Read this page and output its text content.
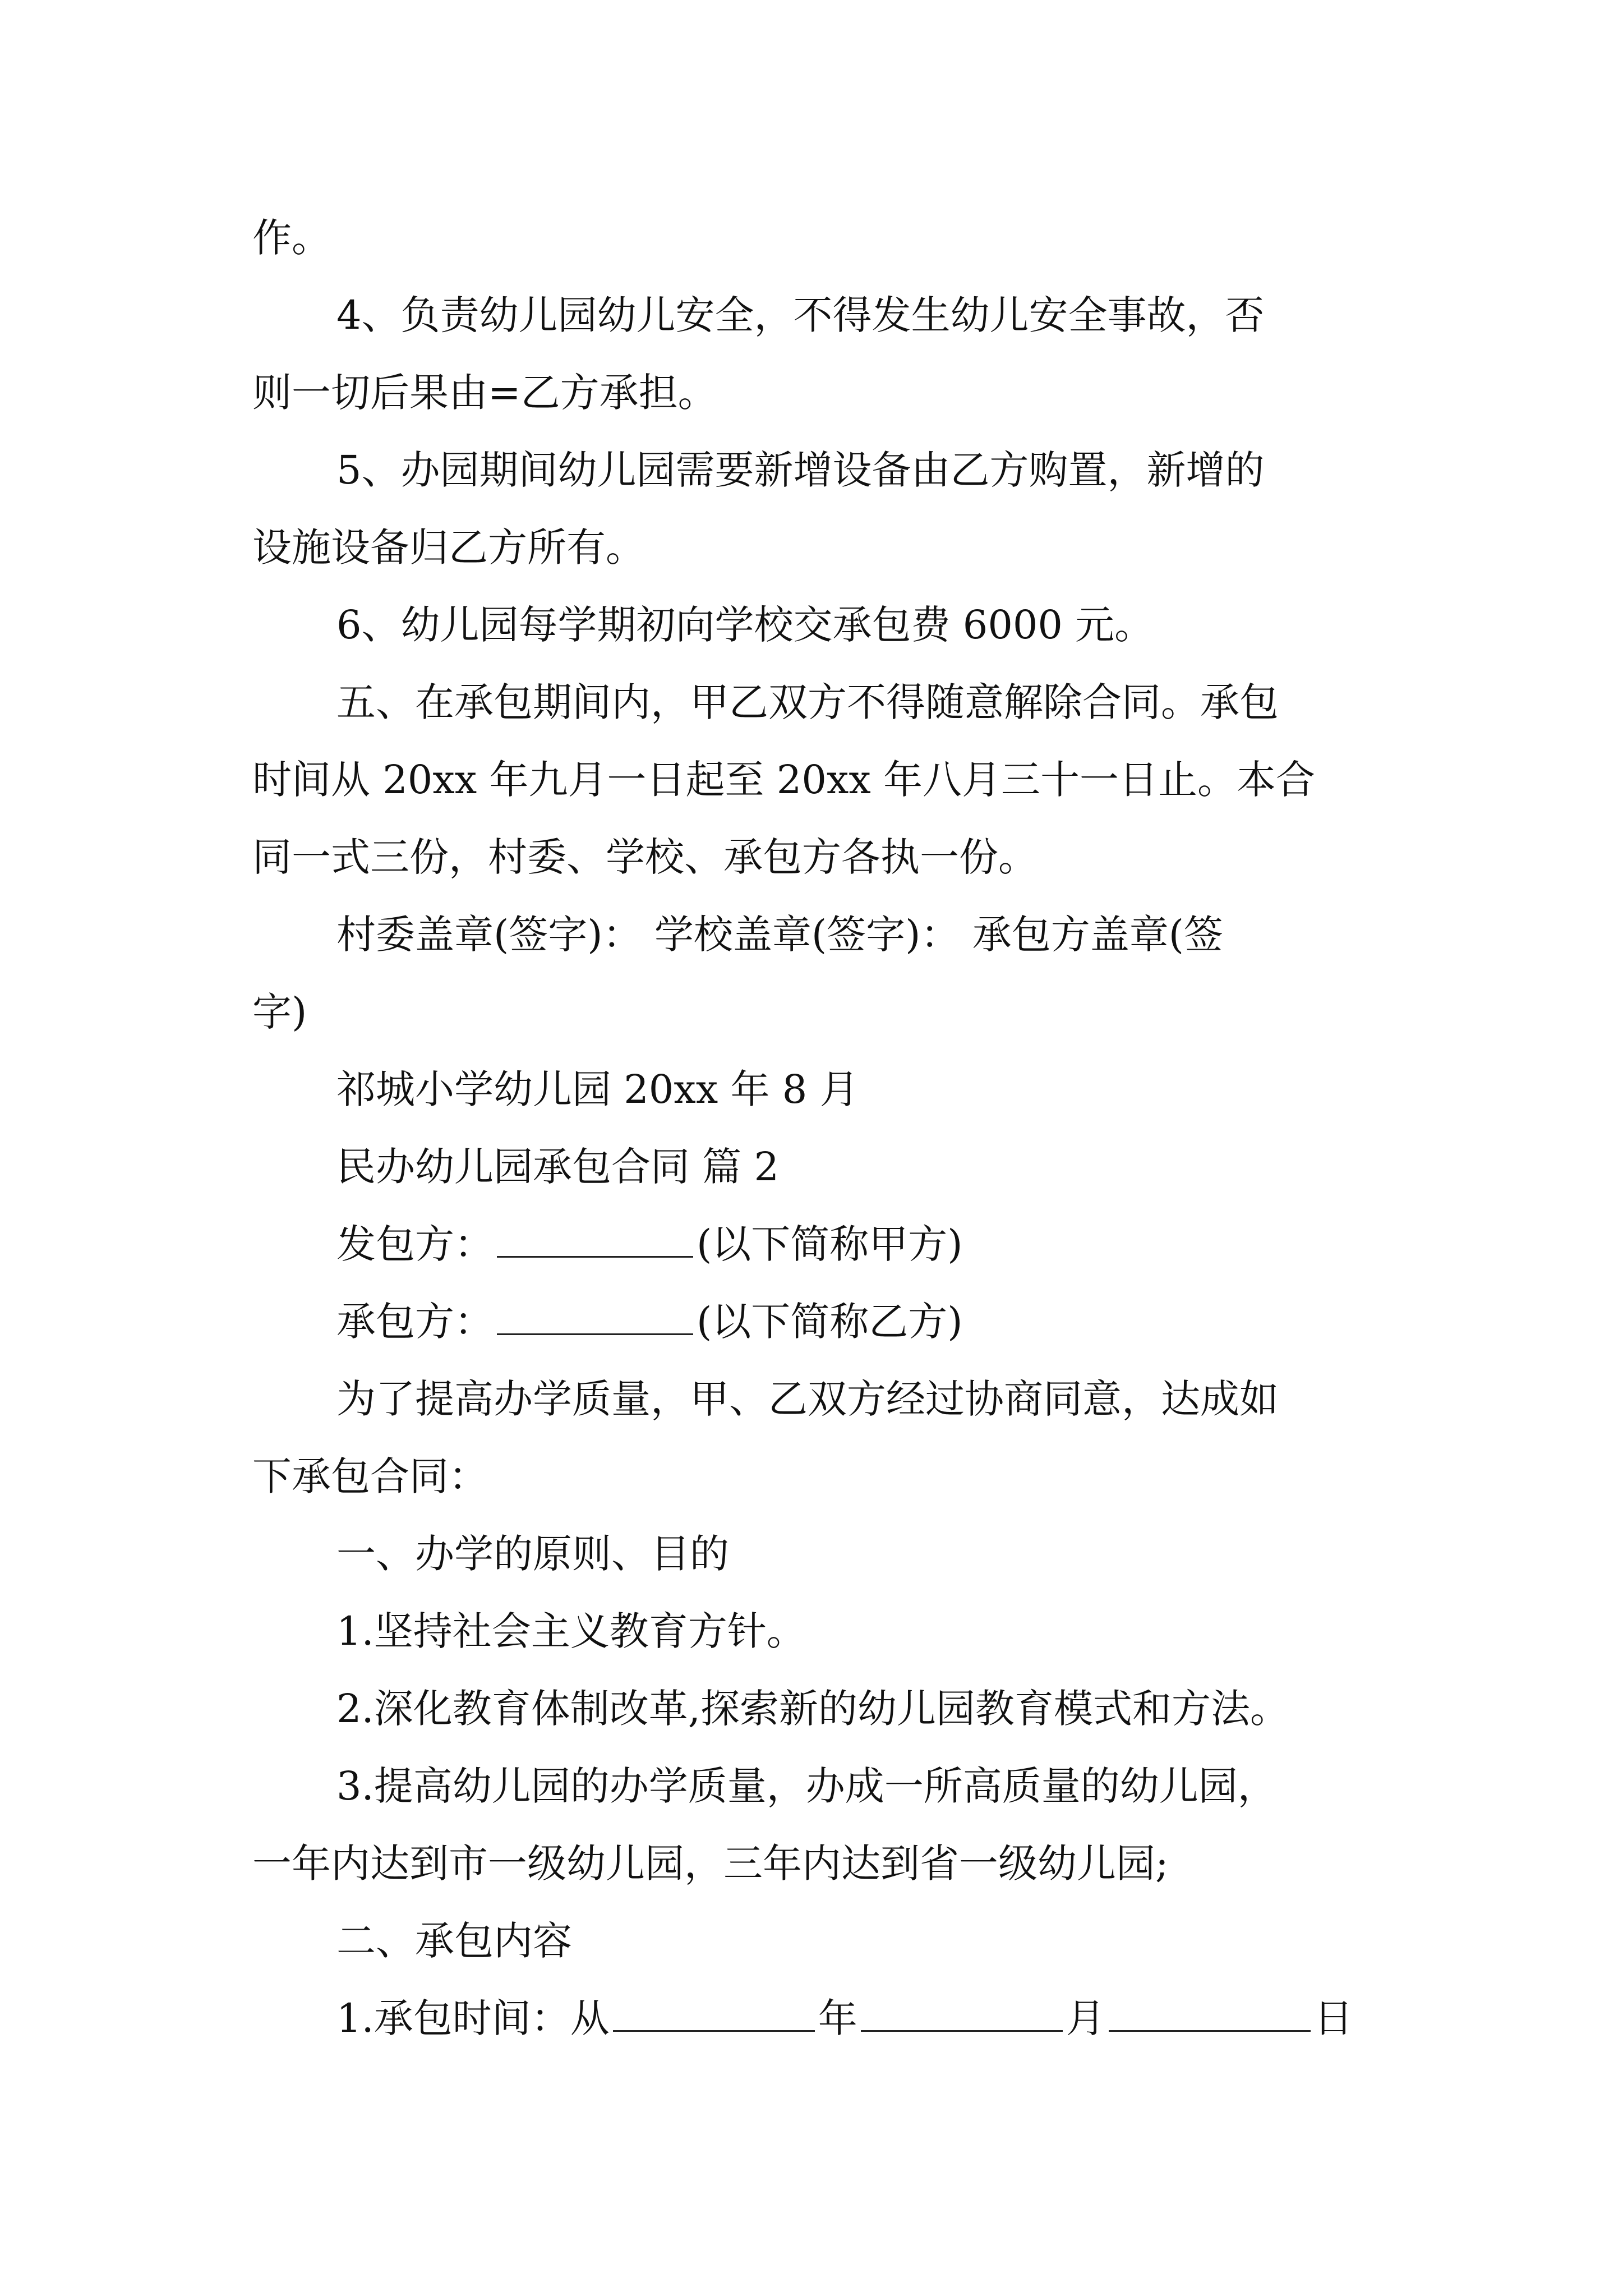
作。
4、负责幼儿园幼儿安全，不得发生幼儿安全事故，否
则一切后果由=乙方承担。
5、办园期间幼儿园需要新增设备由乙方购置，新增的
设施设备归乙方所有。
6、幼儿园每学期初向学校交承包费 6000 元。
五、在承包期间内，甲乙双方不得随意解除合同。承包
时间从 20xx 年九月一日起至 20xx 年八月三十一日止。本合
同一式三份，村委、学校、承包方各执一份。
村委盖章(签字)： 学校盖章(签字)： 承包方盖章(签
字)
祁城小学幼儿园 20xx 年 8 月
民办幼儿园承包合同 篇 2
发包方：	(以下简称甲方)
承包方：	(以下简称乙方)
为了提高办学质量，甲、乙双方经过协商同意，达成如
下承包合同：
一、办学的原则、目的
1.坚持社会主义教育方针。
2.深化教育体制改革,探索新的幼儿园教育模式和方法。
3.提高幼儿园的办学质量，办成一所高质量的幼儿园，
一年内达到市一级幼儿园，三年内达到省一级幼儿园;
二、承包内容
1.承包时间：从	年	月	日
